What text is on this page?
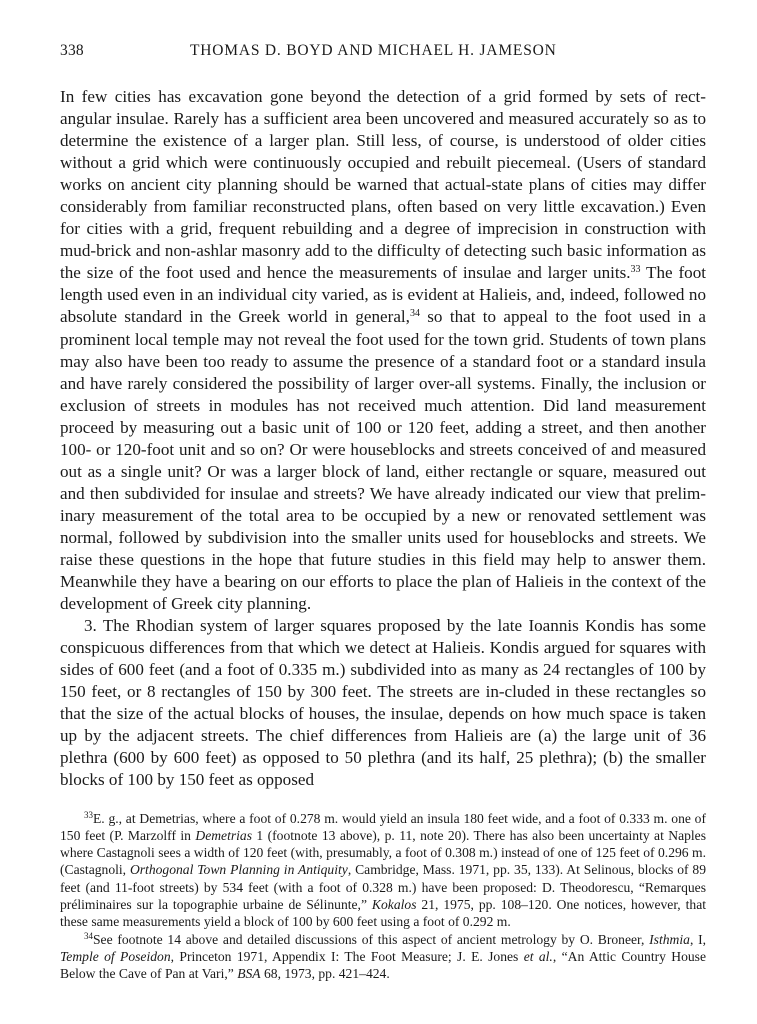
338	THOMAS D. BOYD AND MICHAEL H. JAMESON

In few cities has excavation gone beyond the detection of a grid formed by sets of rect-angular insulae. Rarely has a sufficient area been uncovered and measured accurately so as to determine the existence of a larger plan. Still less, of course, is understood of older cities without a grid which were continuously occupied and rebuilt piecemeal. (Users of standard works on ancient city planning should be warned that actual-state plans of cities may differ considerably from familiar reconstructed plans, often based on very little excavation.) Even for cities with a grid, frequent rebuilding and a degree of imprecision in construction with mud-brick and non-ashlar masonry add to the difficulty of detecting such basic information as the size of the foot used and hence the measurements of insulae and larger units.$^{33}$ The foot length used even in an individual city varied, as is evident at Halieis, and, indeed, followed no absolute standard in the Greek world in general,$^{34}$ so that to appeal to the foot used in a prominent local temple may not reveal the foot used for the town grid. Students of town plans may also have been too ready to assume the presence of a standard foot or a standard insula and have rarely considered the possibility of larger over-all systems. Finally, the inclusion or exclusion of streets in modules has not received much attention. Did land measurement proceed by measuring out a basic unit of 100 or 120 feet, adding a street, and then another 100- or 120-foot unit and so on? Or were houseblocks and streets conceived of and measured out as a single unit? Or was a larger block of land, either rectangle or square, measured out and then subdivided for insulae and streets? We have already indicated our view that prelim-inary measurement of the total area to be occupied by a new or renovated settlement was normal, followed by subdivision into the smaller units used for houseblocks and streets. We raise these questions in the hope that future studies in this field may help to answer them. Meanwhile they have a bearing on our efforts to place the plan of Halieis in the context of the development of Greek city planning.

3. The Rhodian system of larger squares proposed by the late Ioannis Kondis has some conspicuous differences from that which we detect at Halieis. Kondis argued for squares with sides of 600 feet (and a foot of 0.335 m.) subdivided into as many as 24 rectangles of 100 by 150 feet, or 8 rectangles of 150 by 300 feet. The streets are in-cluded in these rectangles so that the size of the actual blocks of houses, the insulae, depends on how much space is taken up by the adjacent streets. The chief differences from Halieis are (a) the large unit of 36 plethra (600 by 600 feet) as opposed to 50 plethra (and its half, 25 plethra); (b) the smaller blocks of 100 by 150 feet as opposed

$^{33}$E. g., at Demetrias, where a foot of 0.278 m. would yield an insula 180 feet wide, and a foot of 0.333 m. one of 150 feet (P. Marzolff in Demetrias 1 (footnote 13 above), p. 11, note 20). There has also been uncertainty at Naples where Castagnoli sees a width of 120 feet (with, presumably, a foot of 0.308 m.) instead of one of 125 feet of 0.296 m. (Castagnoli, Orthogonal Town Planning in Antiquity, Cambridge, Mass. 1971, pp. 35, 133). At Selinous, blocks of 89 feet (and 11-foot streets) by 534 feet (with a foot of 0.328 m.) have been proposed: D. Theodorescu, “Remarques préliminaires sur la topographie urbaine de Sélinunte,” Kokalos 21, 1975, pp. 108–120. One notices, however, that these same measurements yield a block of 100 by 600 feet using a foot of 0.292 m.

$^{34}$See footnote 14 above and detailed discussions of this aspect of ancient metrology by O. Broneer, Isthmia, I, Temple of Poseidon, Princeton 1971, Appendix I: The Foot Measure; J. E. Jones et al., “An Attic Country House Below the Cave of Pan at Vari,” BSA 68, 1973, pp. 421–424.
